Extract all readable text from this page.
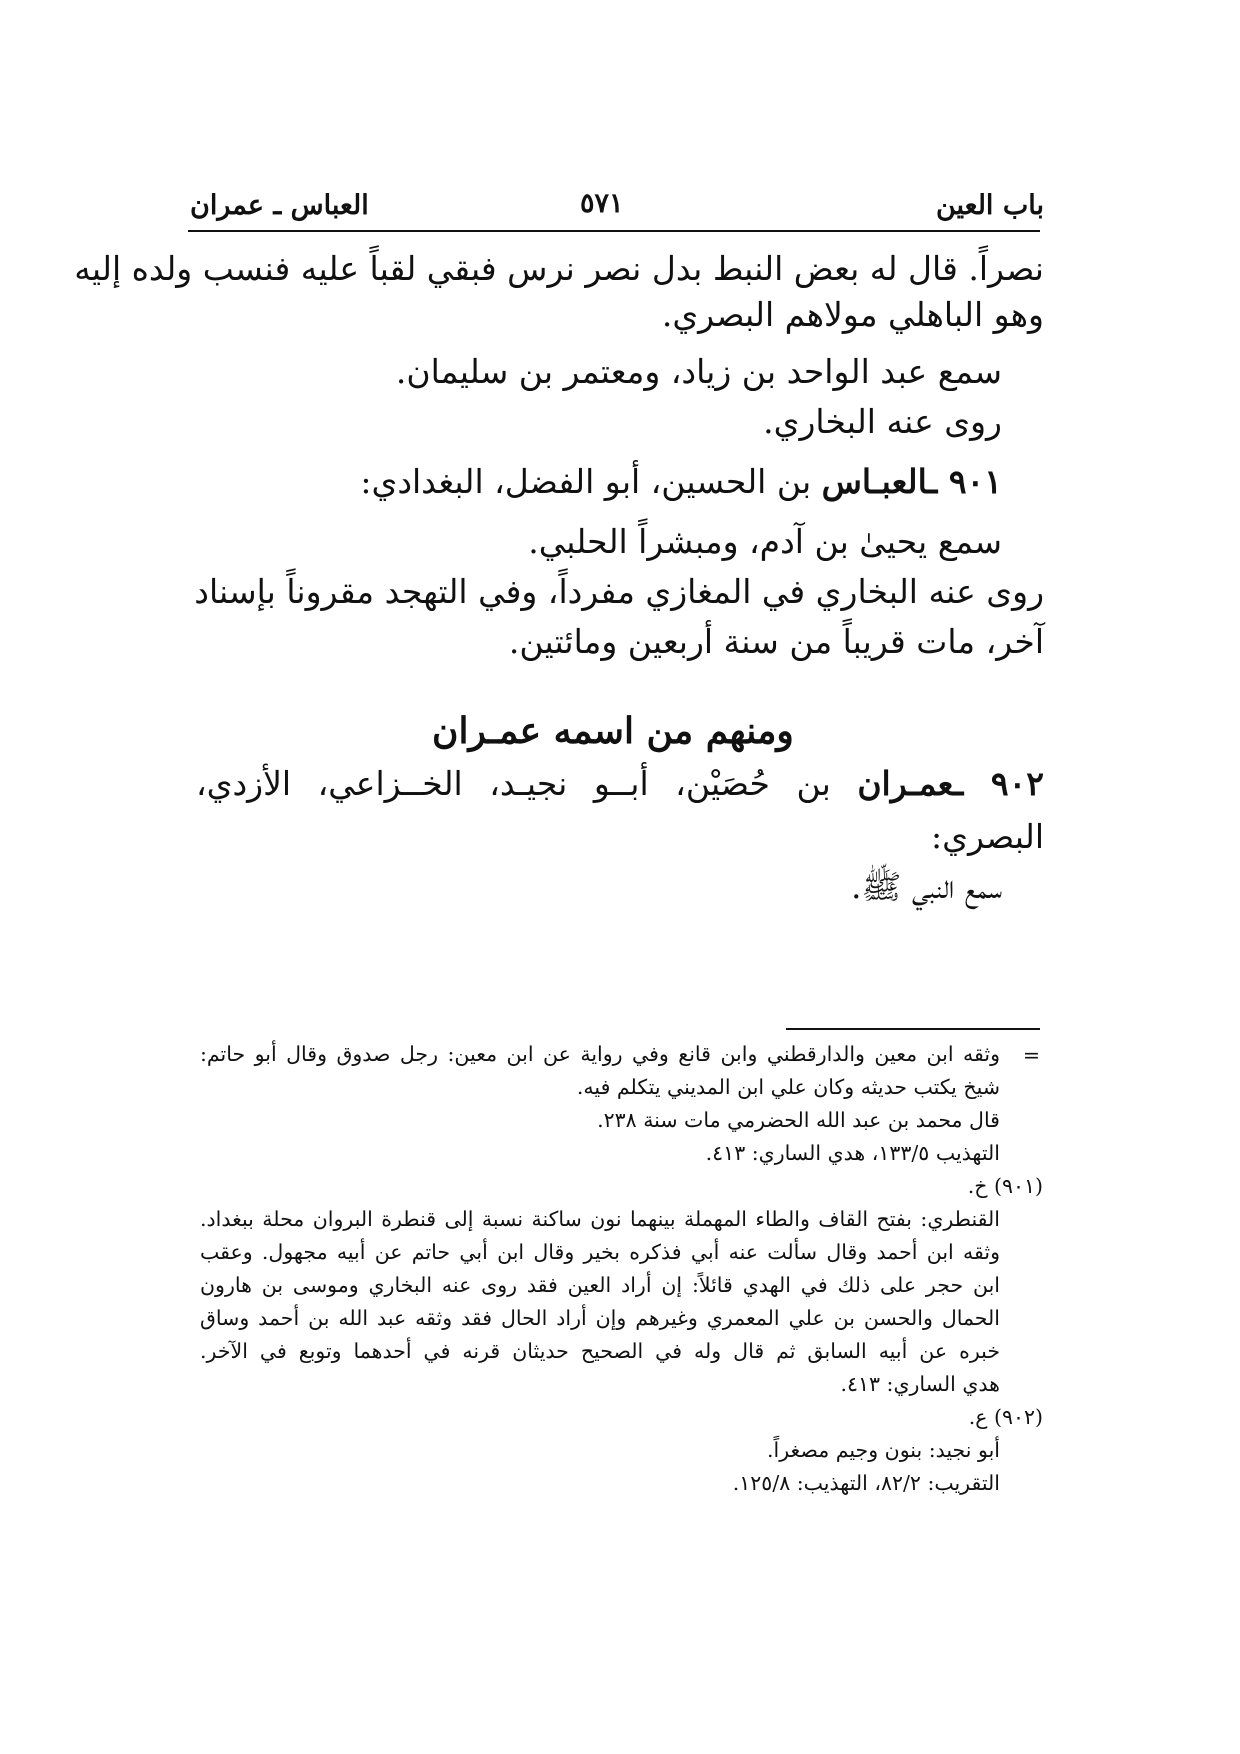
باب العين
٥٧١
العباس ـ عمران
نصراً. قال له بعض النبط بدل نصر نرس فبقي لقباً عليه فنسب ولده إليه
وهو الباهلي مولاهم البصري.
سمع عبد الواحد بن زياد، ومعتمر بن سليمان.
روى عنه البخاري.
٩٠١ ـالعبـاس بن الحسين، أبو الفضل، البغدادي:
سمع يحيىٰ بن آدم، ومبشراً الحلبي.
روى عنه البخاري في المغازي مفرداً، وفي التهجد مقروناً بإسناد
آخر، مات قريباً من سنة أربعين ومائتين.
ومنهم من اسمه عمـران
٩٠٢ ـعمـران بن حُصَيْن، أبــو نجيـد، الخــزاعي، الأزدي،
البصري:
سمع النبي ﷺ.
=
وثقه ابن معين والدارقطني وابن قانع وفي رواية عن ابن معين: رجل صدوق وقال أبو حاتم:
شيخ يكتب حديثه وكان علي ابن المديني يتكلم فيه.
قال محمد بن عبد الله الحضرمي مات سنة ٢٣٨.
التهذيب ١٣٣/٥، هدي الساري: ٤١٣.
(٩٠١) خ.
القنطري: بفتح القاف والطاء المهملة بينهما نون ساكنة نسبة إلى قنطرة البروان محلة ببغداد.
وثقه ابن أحمد وقال سألت عنه أبي فذكره بخير وقال ابن أبي حاتم عن أبيه مجهول. وعقب
ابن حجر على ذلك في الهدي قائلاً: إن أراد العين فقد روى عنه البخاري وموسى بن هارون
الحمال والحسن بن علي المعمري وغيرهم وإن أراد الحال فقد وثقه عبد الله بن أحمد وساق
خبره عن أبيه السابق ثم قال وله في الصحيح حديثان قرنه في أحدهما وتوبع في الآخر.
هدي الساري: ٤١٣.
(٩٠٢) ع.
أبو نجيد: بنون وجيم مصغراً.
التقريب: ٨٢/٢، التهذيب: ١٢٥/٨.
